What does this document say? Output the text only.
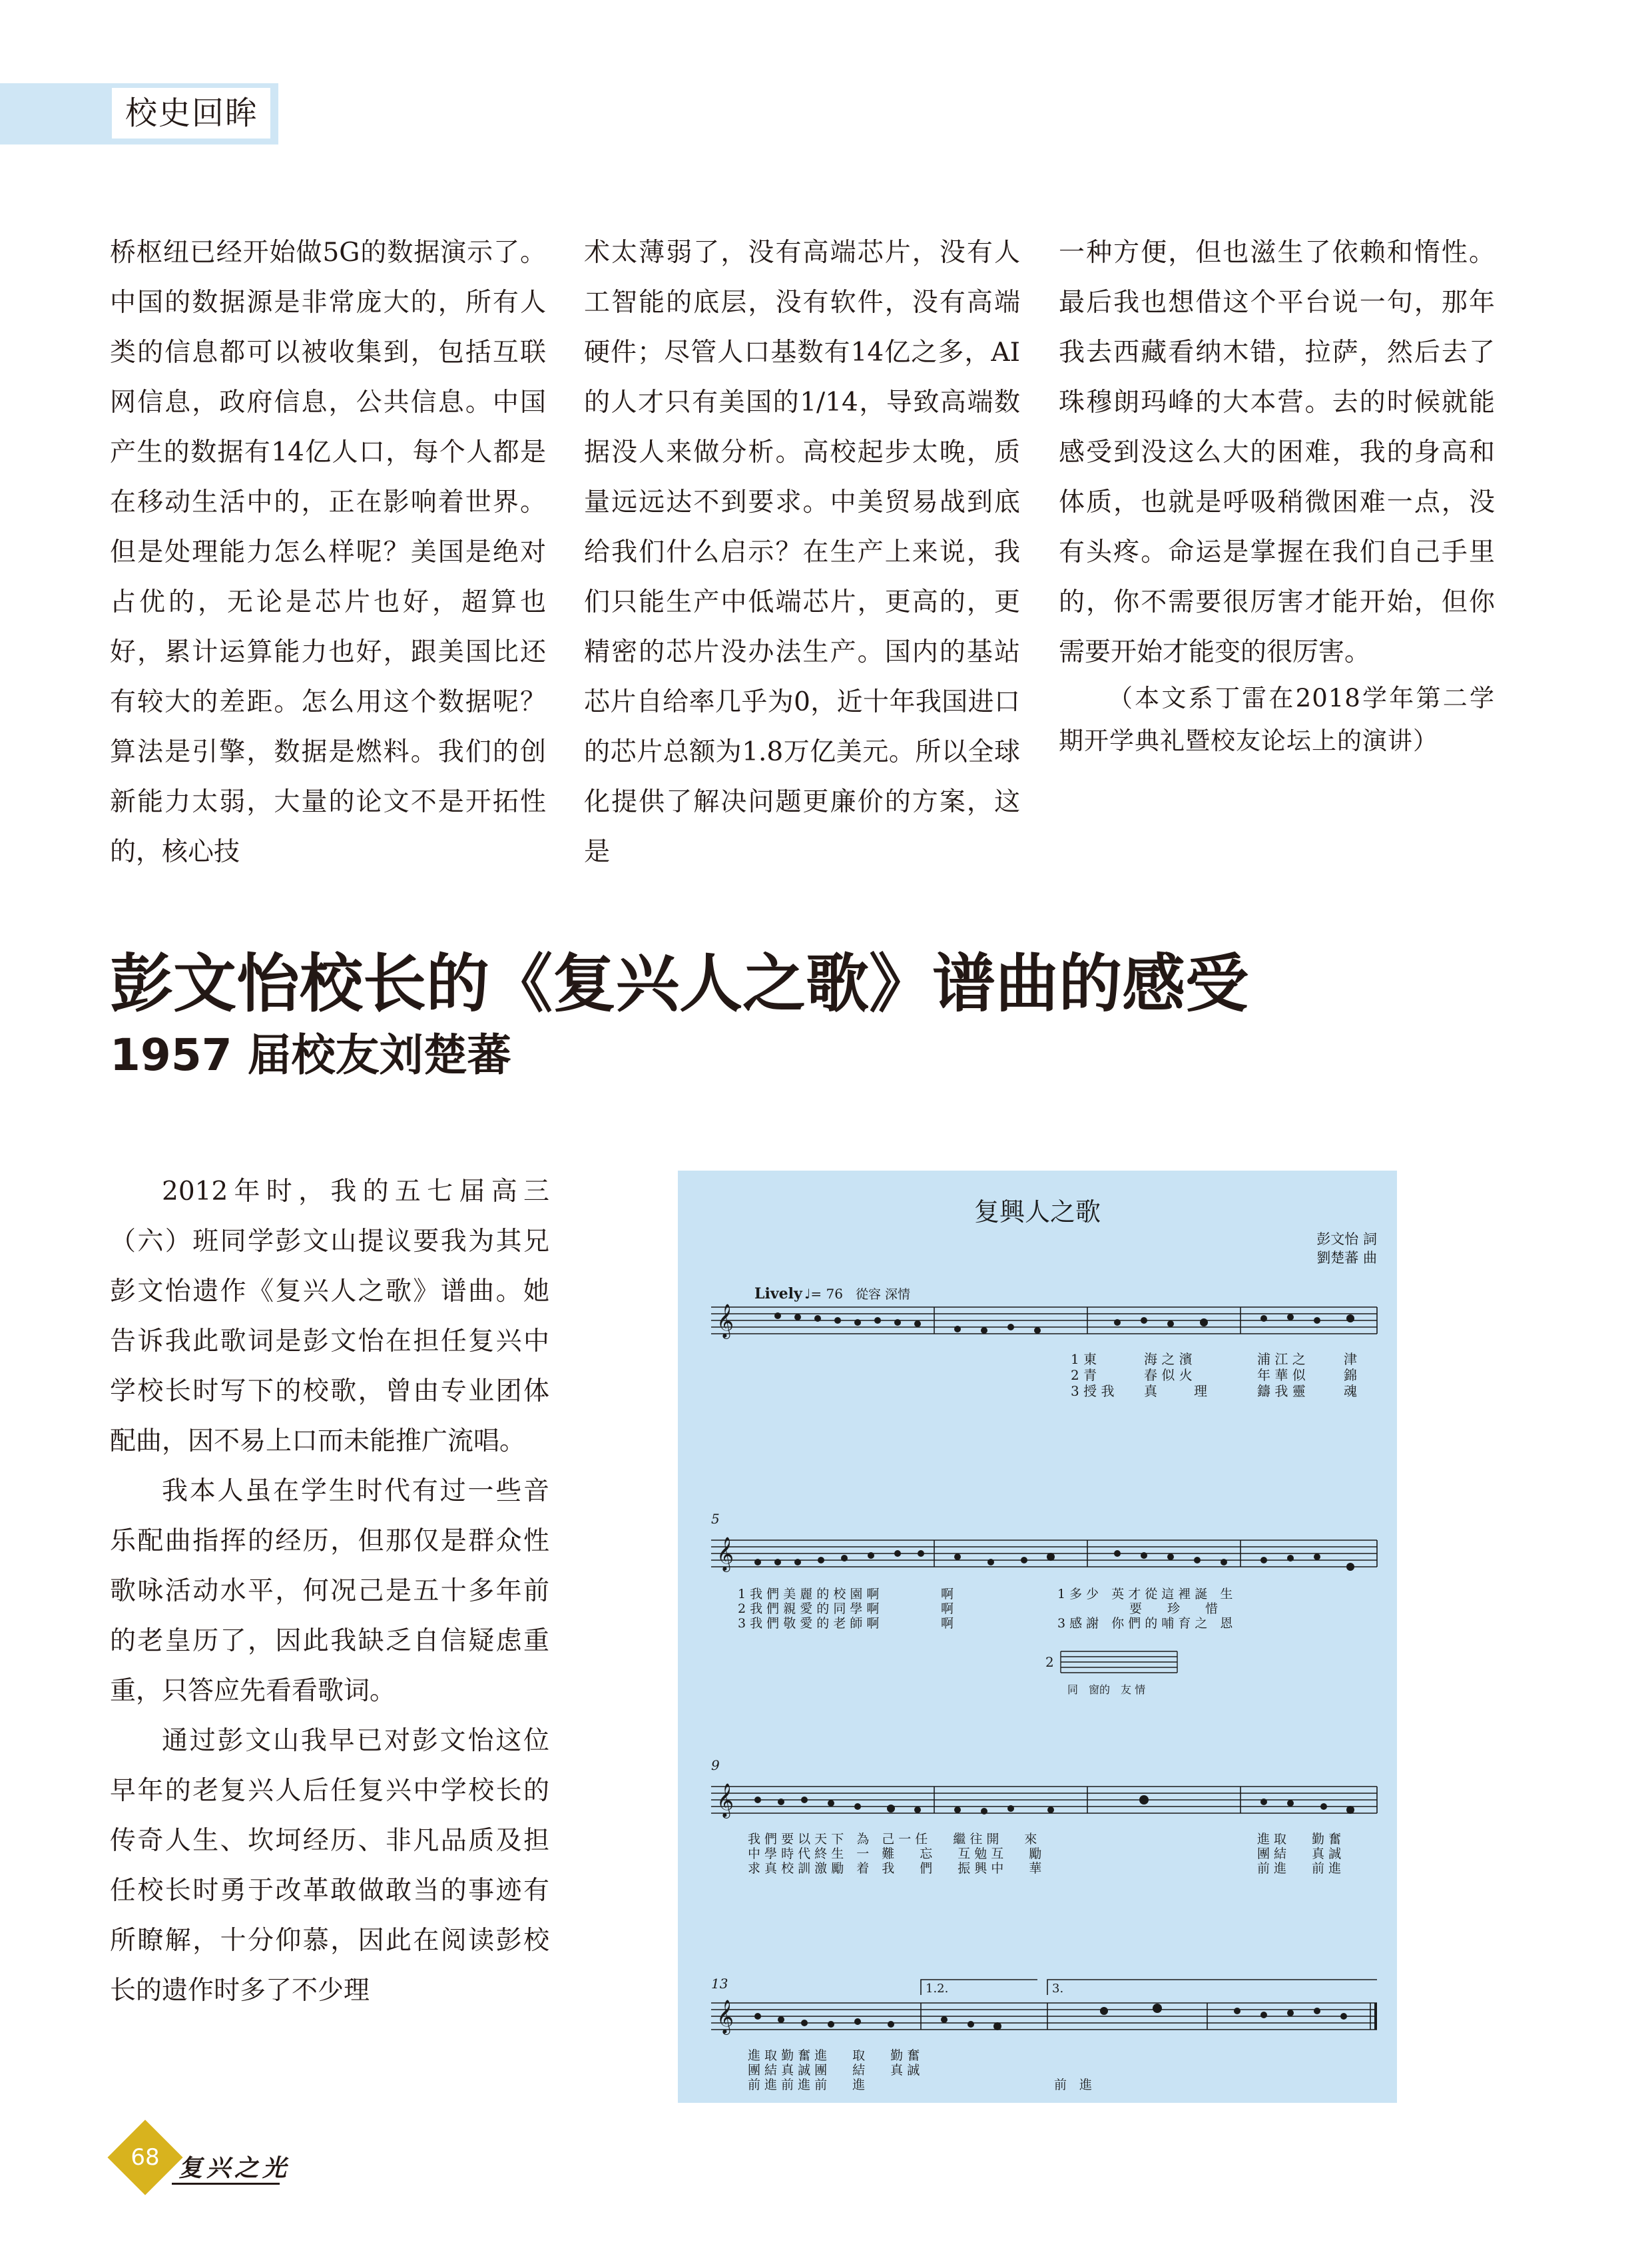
校史回眸

桥枢纽已经开始做5G的数据演示了。中国的数据源是非常庞大的，所有人类的信息都可以被收集到，包括互联网信息，政府信息，公共信息。中国产生的数据有14亿人口，每个人都是在移动生活中的，正在影响着世界。但是处理能力怎么样呢？美国是绝对占优的，无论是芯片也好，超算也好，累计运算能力也好，跟美国比还有较大的差距。怎么用这个数据呢？算法是引擎，数据是燃料。我们的创新能力太弱，大量的论文不是开拓性的，核心技

术太薄弱了，没有高端芯片，没有人工智能的底层，没有软件，没有高端硬件；尽管人口基数有14亿之多，AI的人才只有美国的1/14，导致高端数据没人来做分析。高校起步太晚，质量远远达不到要求。中美贸易战到底给我们什么启示？在生产上来说，我们只能生产中低端芯片，更高的，更精密的芯片没办法生产。国内的基站芯片自给率几乎为0，近十年我国进口的芯片总额为1.8万亿美元。所以全球化提供了解决问题更廉价的方案，这是

一种方便，但也滋生了依赖和惰性。最后我也想借这个平台说一句，那年我去西藏看纳木错，拉萨，然后去了珠穆朗玛峰的大本营。去的时候就能感受到没这么大的困难，我的身高和体质，也就是呼吸稍微困难一点，没有头疼。命运是掌握在我们自己手里的，你不需要很厉害才能开始，但你需要开始才能变的很厉害。

（本文系丁雷在2018学年第二学期开学典礼暨校友论坛上的演讲）

彭文怡校长的《复兴人之歌》谱曲的感受
1957 届校友刘楚蕃

2012年时，我的五七届高三（六）班同学彭文山提议要我为其兄彭文怡遗作《复兴人之歌》谱曲。她告诉我此歌词是彭文怡在担任复兴中学校长时写下的校歌，曾由专业团体配曲，因不易上口而未能推广流唱。

我本人虽在学生时代有过一些音乐配曲指挥的经历，但那仅是群众性歌咏活动水平，何况己是五十多年前的老皇历了，因此我缺乏自信疑虑重重，只答应先看看歌词。

通过彭文山我早已对彭文怡这位早年的老复兴人后任复兴中学校长的传奇人生、坎坷经历、非凡品质及担任校长时勇于改革敢做敢当的事迹有所瞭解，十分仰慕，因此在阅读彭校长的遗作时多了不少理

复興人之歌
彭文怡 詞
劉楚蕃 曲
Lively ♩= 76 從容 深情
𝄞
1 東	海 之 濱	浦 江 之	津
2 青	春 似 火	年 華 似	錦
3 授 我 真	理	鑄 我 靈	魂
5
𝄞
1 我 們 美 麗 的 校 園 啊	啊
2 我 們 親 愛 的 同 學 啊	啊
3 我 們 敬 愛 的 老 師 啊	啊
1 多 少　英 才 從 這 裡 誕　生
要　　珍　　惜
3 感 謝　你 們 的 哺 育 之　恩
2
同　窗的　友 情
9
𝄞
我 們 要 以 天 下　為　己 一 任　　繼 往 開　　來
中 學 時 代 終 生　一　難　　忘　　互 勉 互　　勵
求 真 校 訓 激 勵　着　我　　們　　振 興 中　　華
進 取　　勤 奮
團 結　　真 誠
前 進　　前 進
13	1.2.	3.
𝄞
進 取 勤 奮 進　　取　　勤 奮
團 結 真 誠 團　　結　　真 誠
前 進 前 進 前　　進	前　進
68 复兴之光
